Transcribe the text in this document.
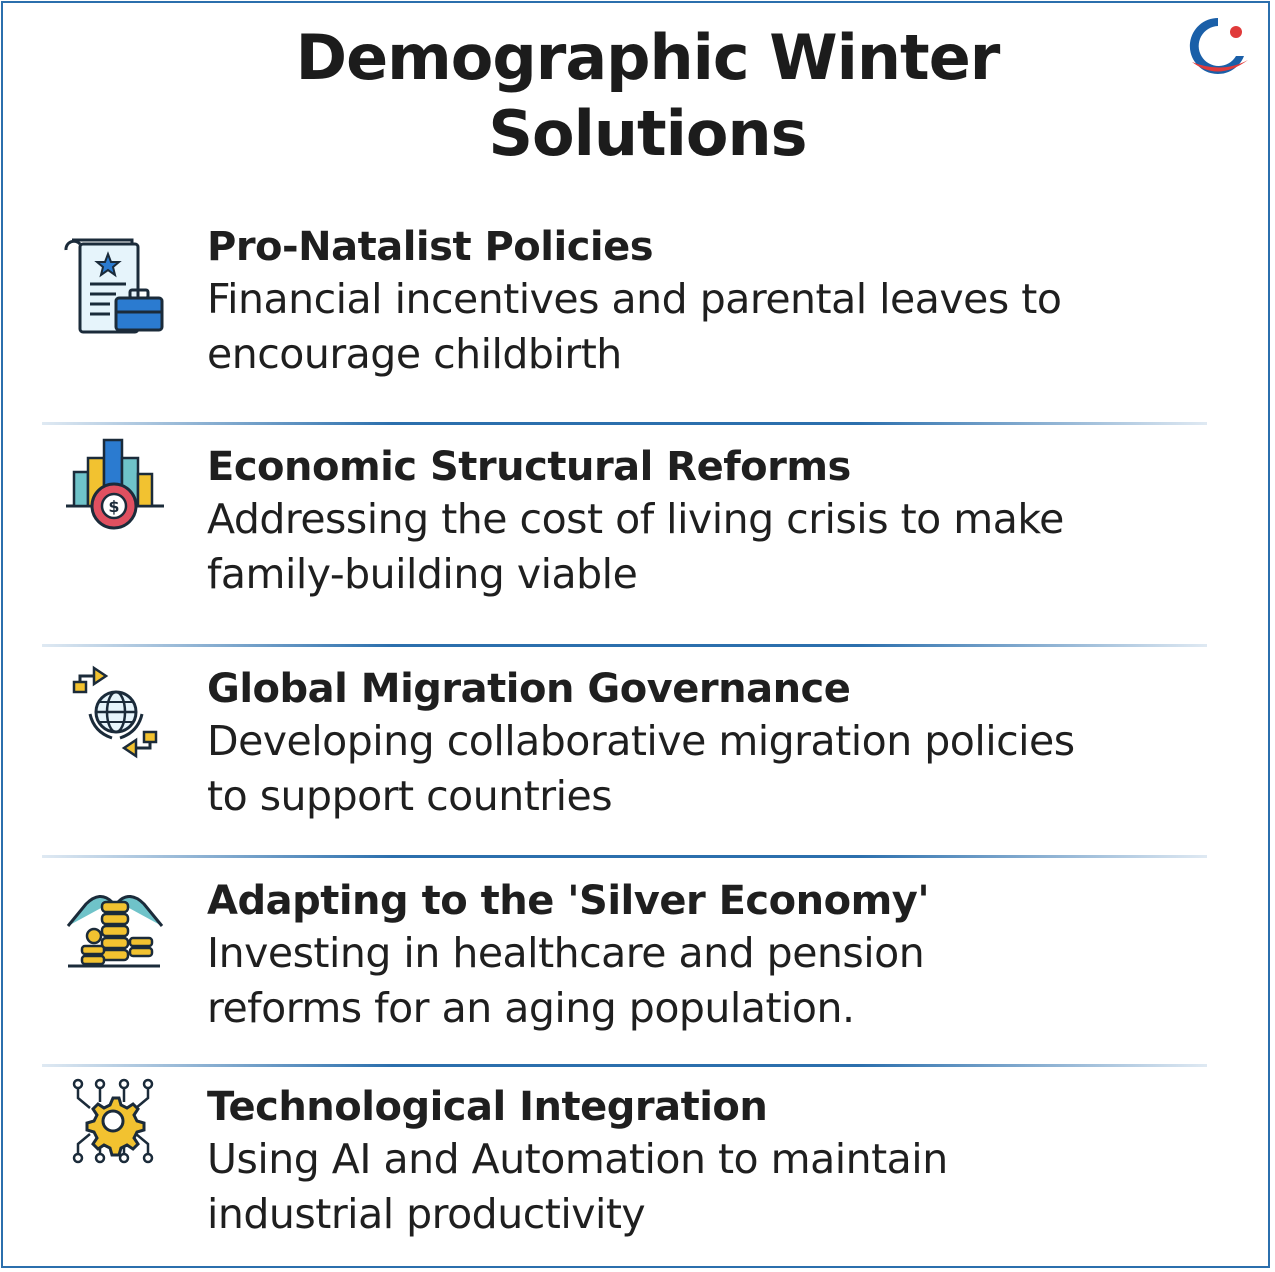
Demographic Winter
Solutions
Pro-Natalist Policies
Financial incentives and parental leaves to
encourage childbirth
$
Economic Structural Reforms
Addressing the cost of living crisis to make
family-building viable
Global Migration Governance
Developing collaborative migration policies
to support countries
Adapting to the 'Silver Economy'
Investing in healthcare and pension
reforms for an aging population.
Technological Integration
Using AI and Automation to maintain
industrial productivity
